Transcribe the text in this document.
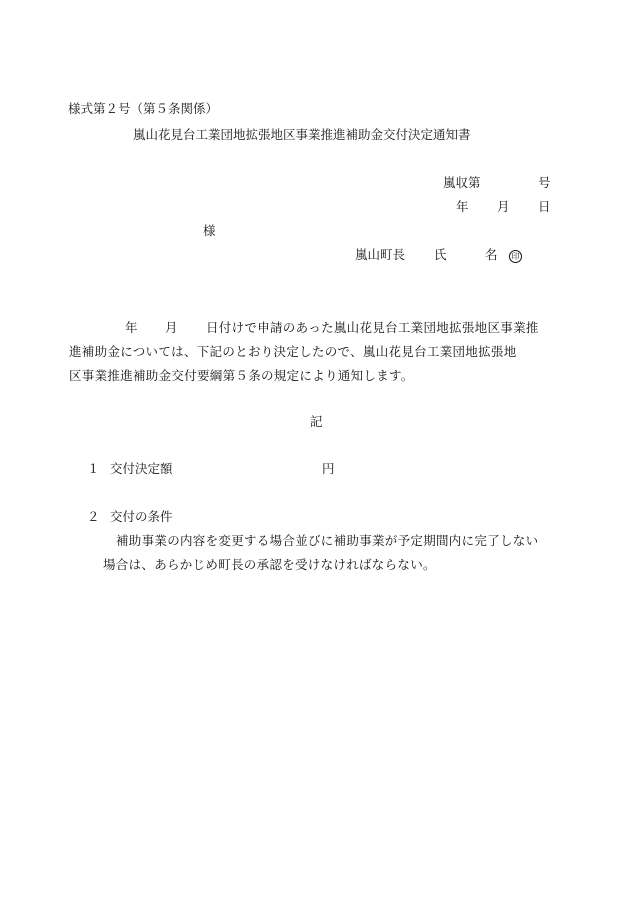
様式第２号（第５条関係）
嵐山花見台工業団地拡張地区事業推進補助金交付決定通知書
嵐収第	号
年 月 日
様
嵐山町長 氏	名	印
年 月 日付けで申請のあった嵐山花見台工業団地拡張地区事業推
進補助金については、下記のとおり決定したので、嵐山花見台工業団地拡張地
区事業推進補助金交付要綱第５条の規定により通知します。
記
１ 交付決定額	円
２ 交付の条件
補助事業の内容を変更する場合並びに補助事業が予定期間内に完了しない
場合は、あらかじめ町長の承認を受けなければならない。
